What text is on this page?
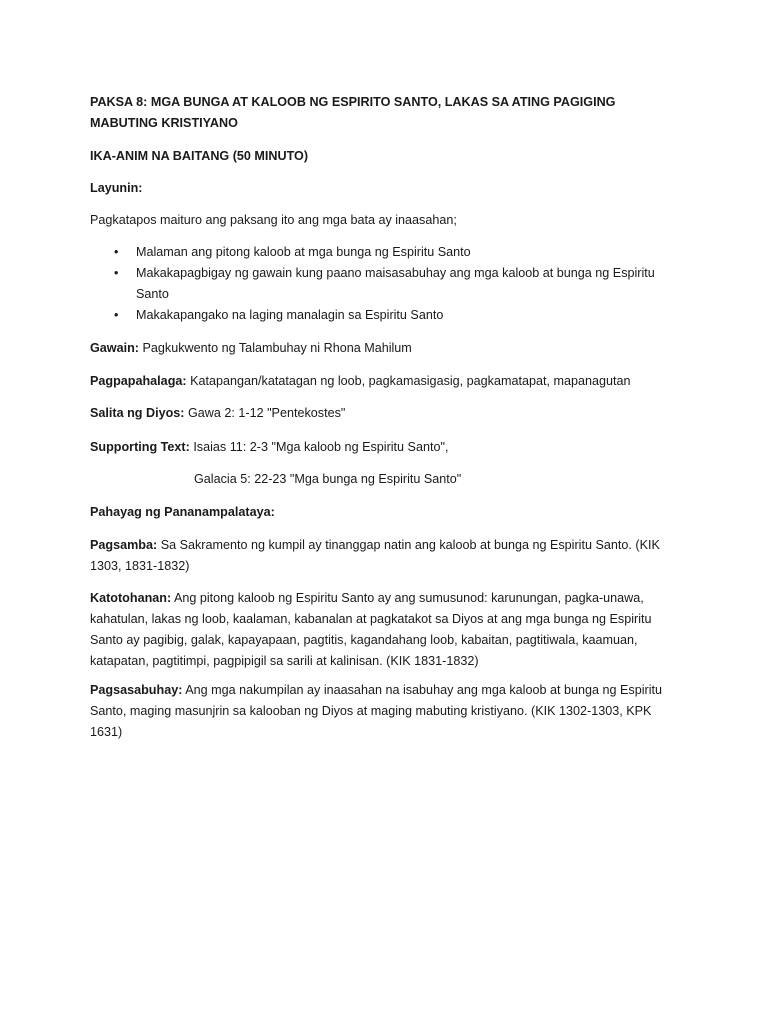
PAKSA 8: MGA BUNGA AT KALOOB NG ESPIRITO SANTO, LAKAS SA ATING PAGIGING MABUTING KRISTIYANO

IKA-ANIM NA BAITANG (50 MINUTO)

Layunin:

Pagkatapos maituro ang paksang ito ang mga bata ay inaasahan;

• Malaman ang pitong kaloob at mga bunga ng Espiritu Santo
• Makakapagbigay ng gawain kung paano maisasabuhay ang mga kaloob at bunga ng Espiritu Santo
• Makakapangako na laging manalagin sa Espiritu Santo

Gawain: Pagkukwento ng Talambuhay ni Rhona Mahilum

Pagpapahalaga: Katapangan/katatagan ng loob, pagkamasigasig, pagkamatapat, mapanagutan

Salita ng Diyos: Gawa 2: 1-12 "Pentekostes"

Supporting Text: Isaias 11: 2-3 "Mga kaloob ng Espiritu Santo",

Galacia 5: 22-23 "Mga bunga ng Espiritu Santo"

Pahayag ng Pananampalataya:

Pagsamba: Sa Sakramento ng kumpil ay tinanggap natin ang kaloob at bunga ng Espiritu Santo. (KIK 1303, 1831-1832)

Katotohanan: Ang pitong kaloob ng Espiritu Santo ay ang sumusunod: karunungan, pagka-unawa, kahatulan, lakas ng loob, kaalaman, kabanalan at pagkatakot sa Diyos at ang mga bunga ng Espiritu Santo ay pagibig, galak, kapayapaan, pagtitis, kagandahang loob, kabaitan, pagtitiwala, kaamuan, katapatan, pagtitimpi, pagpipigil sa sarili at kalinisan. (KIK 1831-1832)

Pagsasabuhay: Ang mga nakumpilan ay inaasahan na isabuhay ang mga kaloob at bunga ng Espiritu Santo, maging masunjrin sa kalooban ng Diyos at maging mabuting kristiyano. (KIK 1302-1303, KPK 1631)
